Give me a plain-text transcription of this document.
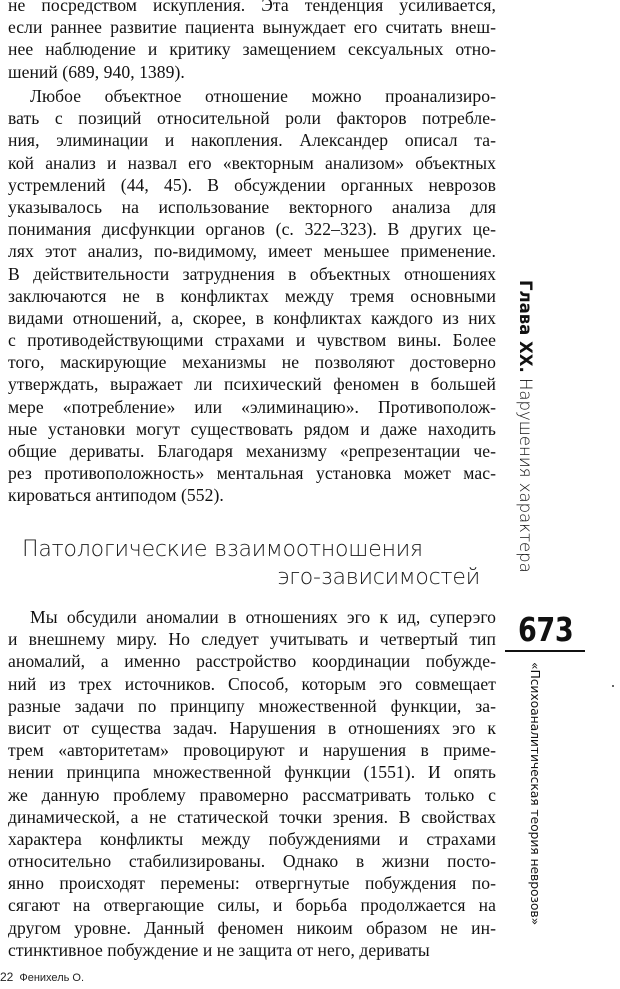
не посредством искупления. Эта тенденция усиливается,
если раннее развитие пациента вынуждает его считать внеш-
нее наблюдение и критику замещением сексуальных отно-
шений (689, 940, 1389).
Любое объектное отношение можно проанализиро-
вать с позиций относительной роли факторов потребле-
ния, элиминации и накопления. Александер описал та-
кой анализ и назвал его «векторным анализом» объектных
устремлений (44, 45). В обсуждении органных неврозов
указывалось на использование векторного анализа для
понимания дисфункции органов (с. 322–323). В других це-
лях этот анализ, по-видимому, имеет меньшее применение.
В действительности затруднения в объектных отношениях
заключаются не в конфликтах между тремя основными
видами отношений, а, скорее, в конфликтах каждого из них
с противодействующими страхами и чувством вины. Более
того, маскирующие механизмы не позволяют достоверно
утверждать, выражает ли психический феномен в большей
мере «потребление» или «элиминацию». Противополож-
ные установки могут существовать рядом и даже находить
общие дериваты. Благодаря механизму «репрезентации че-
рез противоположность» ментальная установка может мас-
кироваться антиподом (552).
Патологические взаимоотношения
эго-зависимостей
Мы обсудили аномалии в отношениях эго к ид, суперэго
и внешнему миру. Но следует учитывать и четвертый тип
аномалий, а именно расстройство координации побужде-
ний из трех источников. Способ, которым эго совмещает
разные задачи по принципу множественной функции, за-
висит от существа задач. Нарушения в отношениях эго к
трем «авторитетам» провоцируют и нарушения в приме-
нении принципа множественной функции (1551). И опять
же данную проблему правомерно рассматривать только с
динамической, а не статической точки зрения. В свойствах
характера конфликты между побуждениями и страхами
относительно стабилизированы. Однако в жизни посто-
янно происходят перемены: отвергнутые побуждения по-
сягают на отвергающие силы, и борьба продолжается на
другом уровне. Данный феномен никоим образом не ин-
стинктивное побуждение и не защита от него, дериваты
Глава XX. Нарушения характера
673
«Психоаналитическая теория неврозов»
22 Фенихель О.
